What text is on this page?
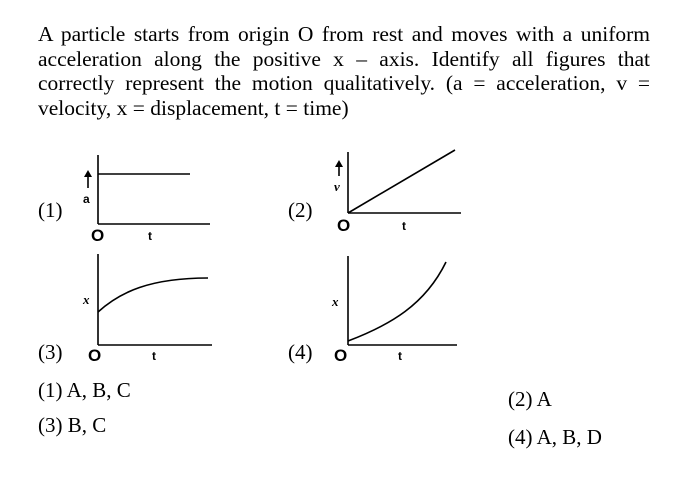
A particle starts from origin O from rest and moves with a uniform acceleration along the positive x – axis. Identify all figures that correctly represent the motion qualitatively. (a = acceleration, v = velocity, x = displacement, t = time)
(1)	(2)
(3)	(4)
a
t
O
v
t
O
x
t
O
x
t
O
(1) A, B, C	(2) A
(3) B, C	(4) A, B, D
